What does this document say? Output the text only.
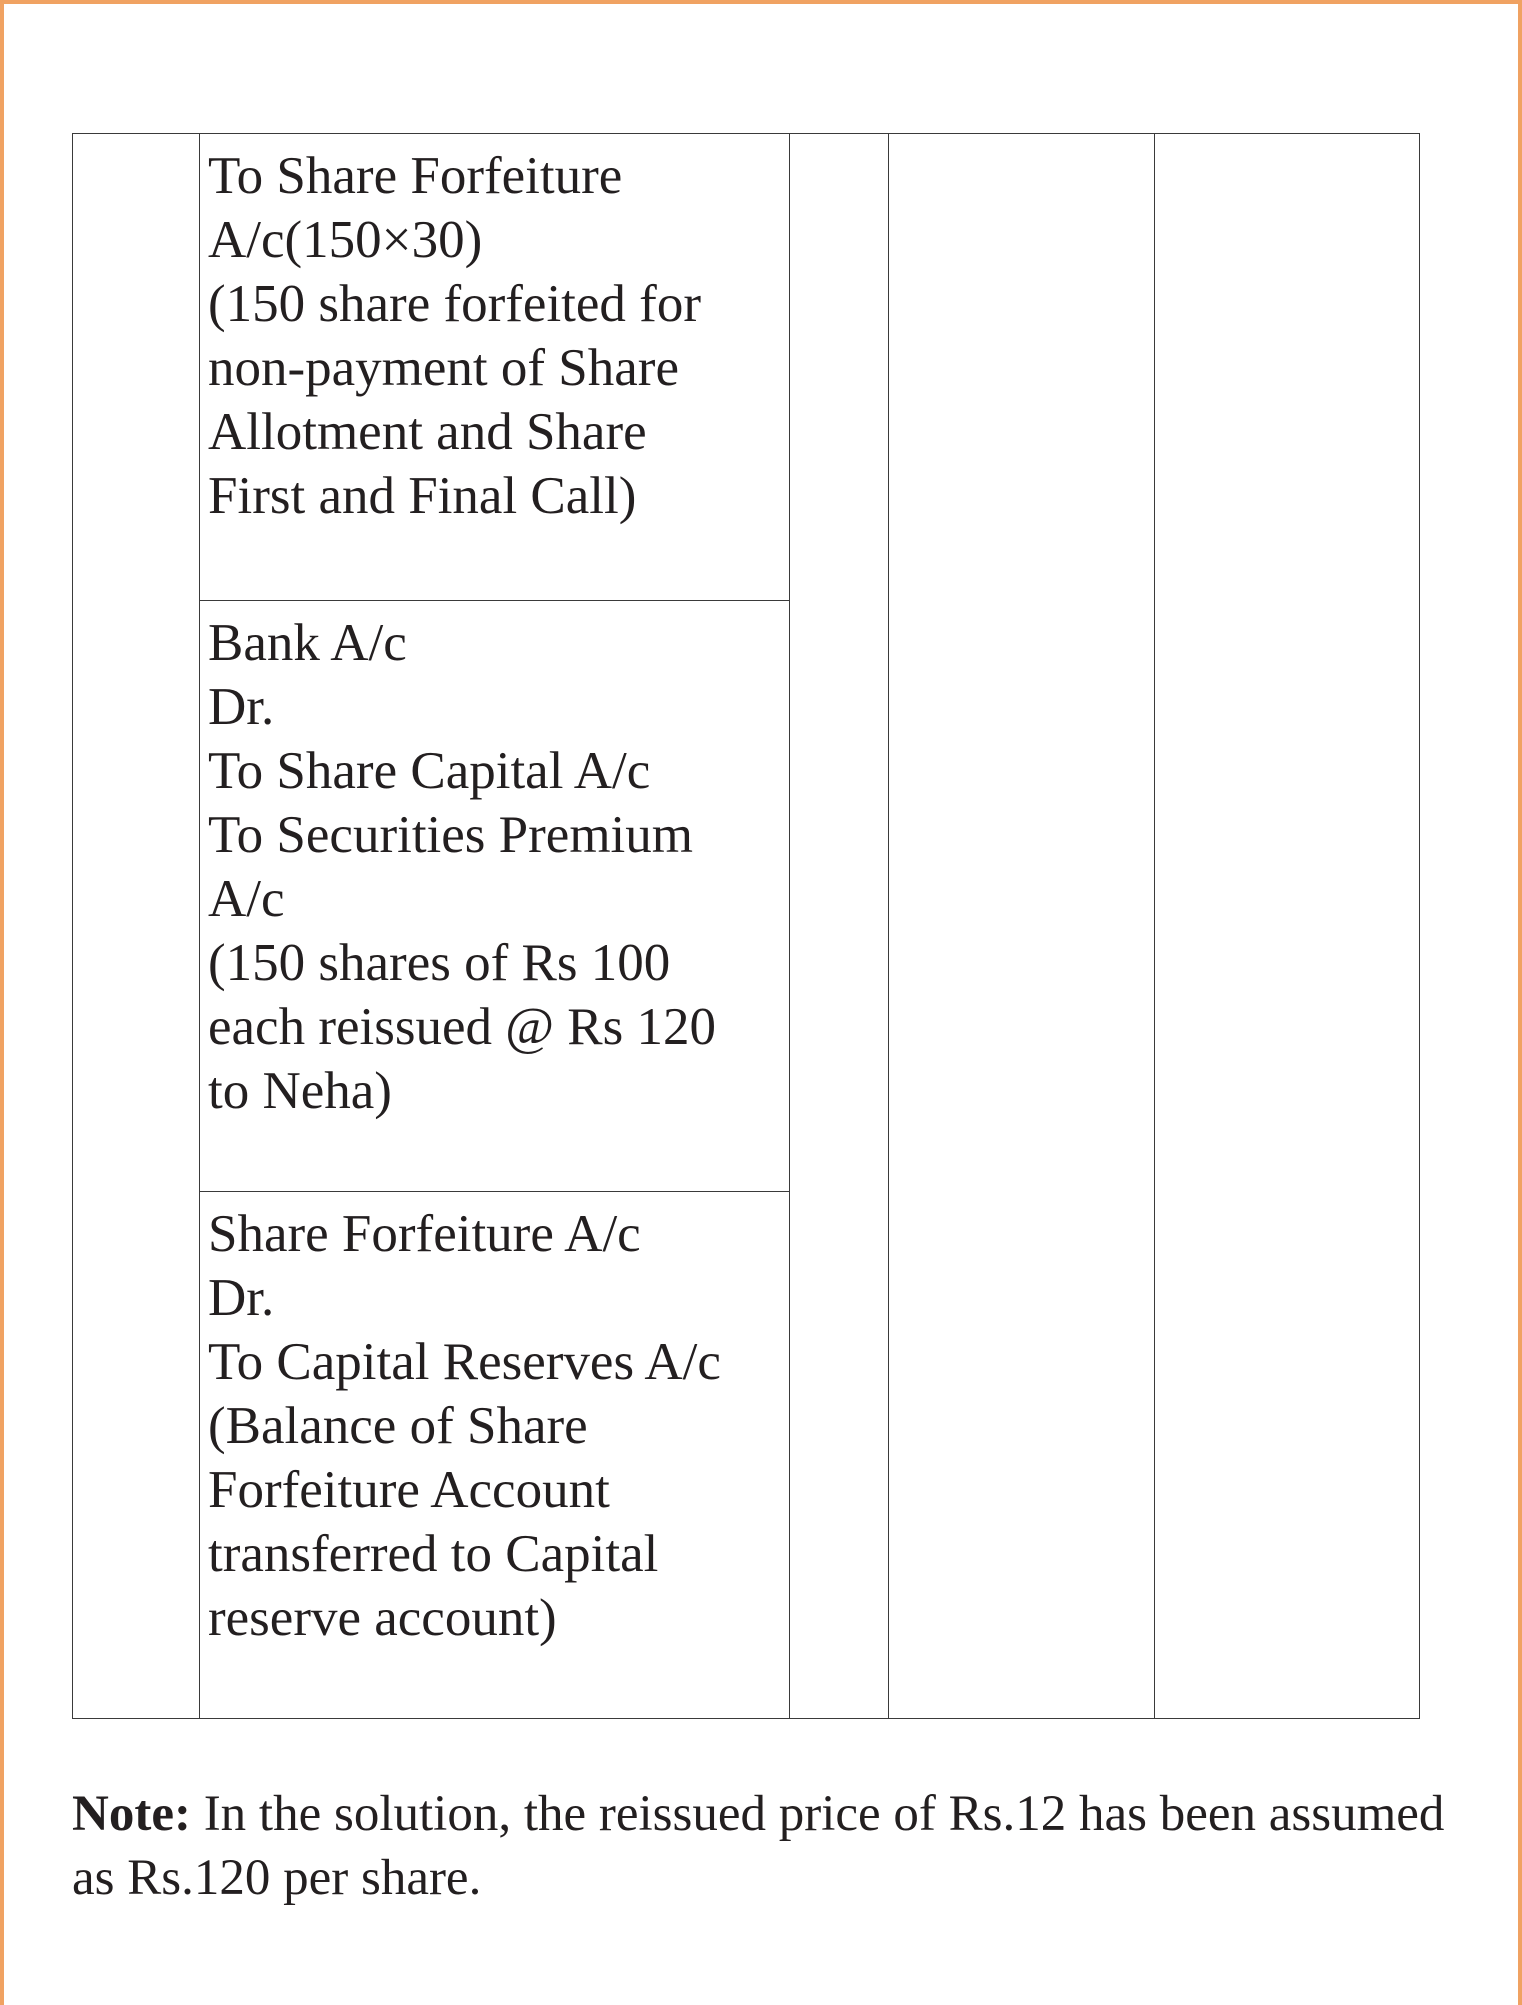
To Share Forfeiture
A/c(150×30)
(150 share forfeited for
non-payment of Share
Allotment and Share
First and Final Call)
Bank A/c
Dr.
To Share Capital A/c
To Securities Premium
A/c
(150 shares of Rs 100
each reissued @ Rs 120
to Neha)
Share Forfeiture A/c
Dr.
To Capital Reserves A/c
(Balance of Share
Forfeiture Account
transferred to Capital
reserve account)
Note: In the solution, the reissued price of Rs.12 has been assumed as Rs.120 per share.
